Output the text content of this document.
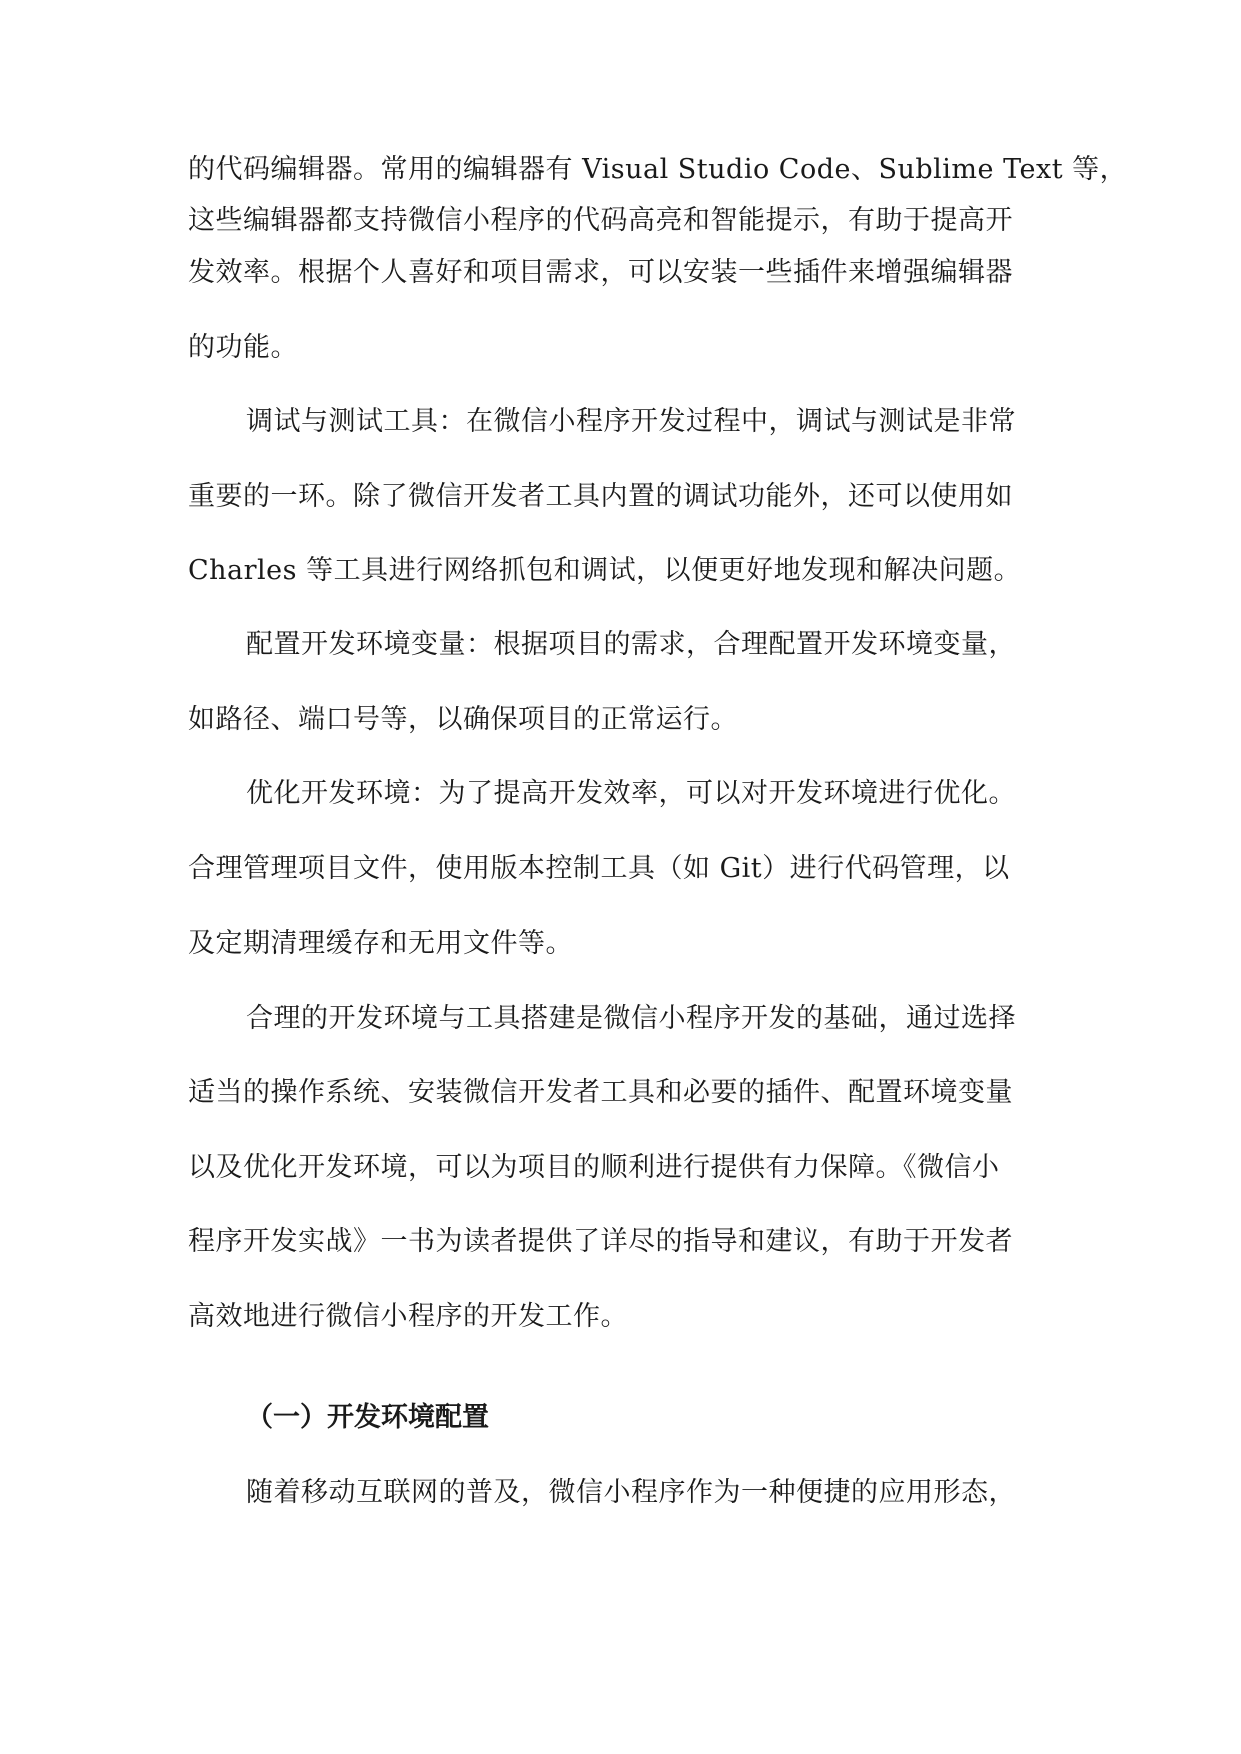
的代码编辑器。常用的编辑器有 Visual Studio Code、Sublime Text 等，
这些编辑器都支持微信小程序的代码高亮和智能提示，有助于提高开
发效率。根据个人喜好和项目需求，可以安装一些插件来增强编辑器
的功能。
调试与测试工具：在微信小程序开发过程中，调试与测试是非常
重要的一环。除了微信开发者工具内置的调试功能外，还可以使用如
Charles 等工具进行网络抓包和调试，以便更好地发现和解决问题。
配置开发环境变量：根据项目的需求，合理配置开发环境变量，
如路径、端口号等，以确保项目的正常运行。
优化开发环境：为了提高开发效率，可以对开发环境进行优化。
合理管理项目文件，使用版本控制工具（如 Git）进行代码管理，以
及定期清理缓存和无用文件等。
合理的开发环境与工具搭建是微信小程序开发的基础，通过选择
适当的操作系统、安装微信开发者工具和必要的插件、配置环境变量
以及优化开发环境，可以为项目的顺利进行提供有力保障。《微信小
程序开发实战》一书为读者提供了详尽的指导和建议，有助于开发者
高效地进行微信小程序的开发工作。
（一）开发环境配置
随着移动互联网的普及，微信小程序作为一种便捷的应用形态，
